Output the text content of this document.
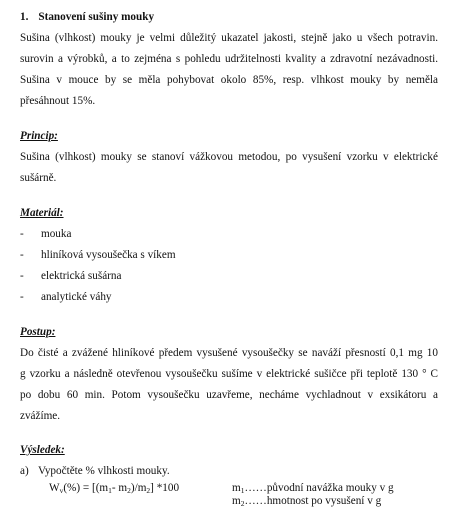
1. Stanovení sušiny mouky
Sušina (vlhkost) mouky je velmi důležitý ukazatel jakosti, stejně jako u všech potravin.
surovin a výrobků, a to zejména s pohledu udržitelnosti kvality a zdravotní nezávadnosti.
Sušina v mouce by se měla pohybovat okolo 85%, resp. vlhkost mouky by neměla
přesáhnout 15%.
Princip:
Sušina (vlhkost) mouky se stanoví vážkovou metodou, po vysušení vzorku v elektrické
sušárně.
Materiál:
- mouka
- hliníková vysoušečka s víkem
- elektrická sušárna
- analytické váhy
Postup:
Do čisté a zvážené hliníkové předem vysušené vysoušečky se naváží přesností 0,1 mg 10
g vzorku a následně otevřenou vysoušečku sušíme v elektrické sušičce při teplotě 130 ° C
po dobu 60 min. Potom vysoušečku uzavřeme, necháme vychladnout v exsikátoru a
zvážíme.
Výsledek:
a) Vypočtěte % vlhkosti mouky.
Wv(%) = [(m1- m2)/m2] *100	m1……původní navážka mouky v g
m2……hmotnost po vysušení v g
